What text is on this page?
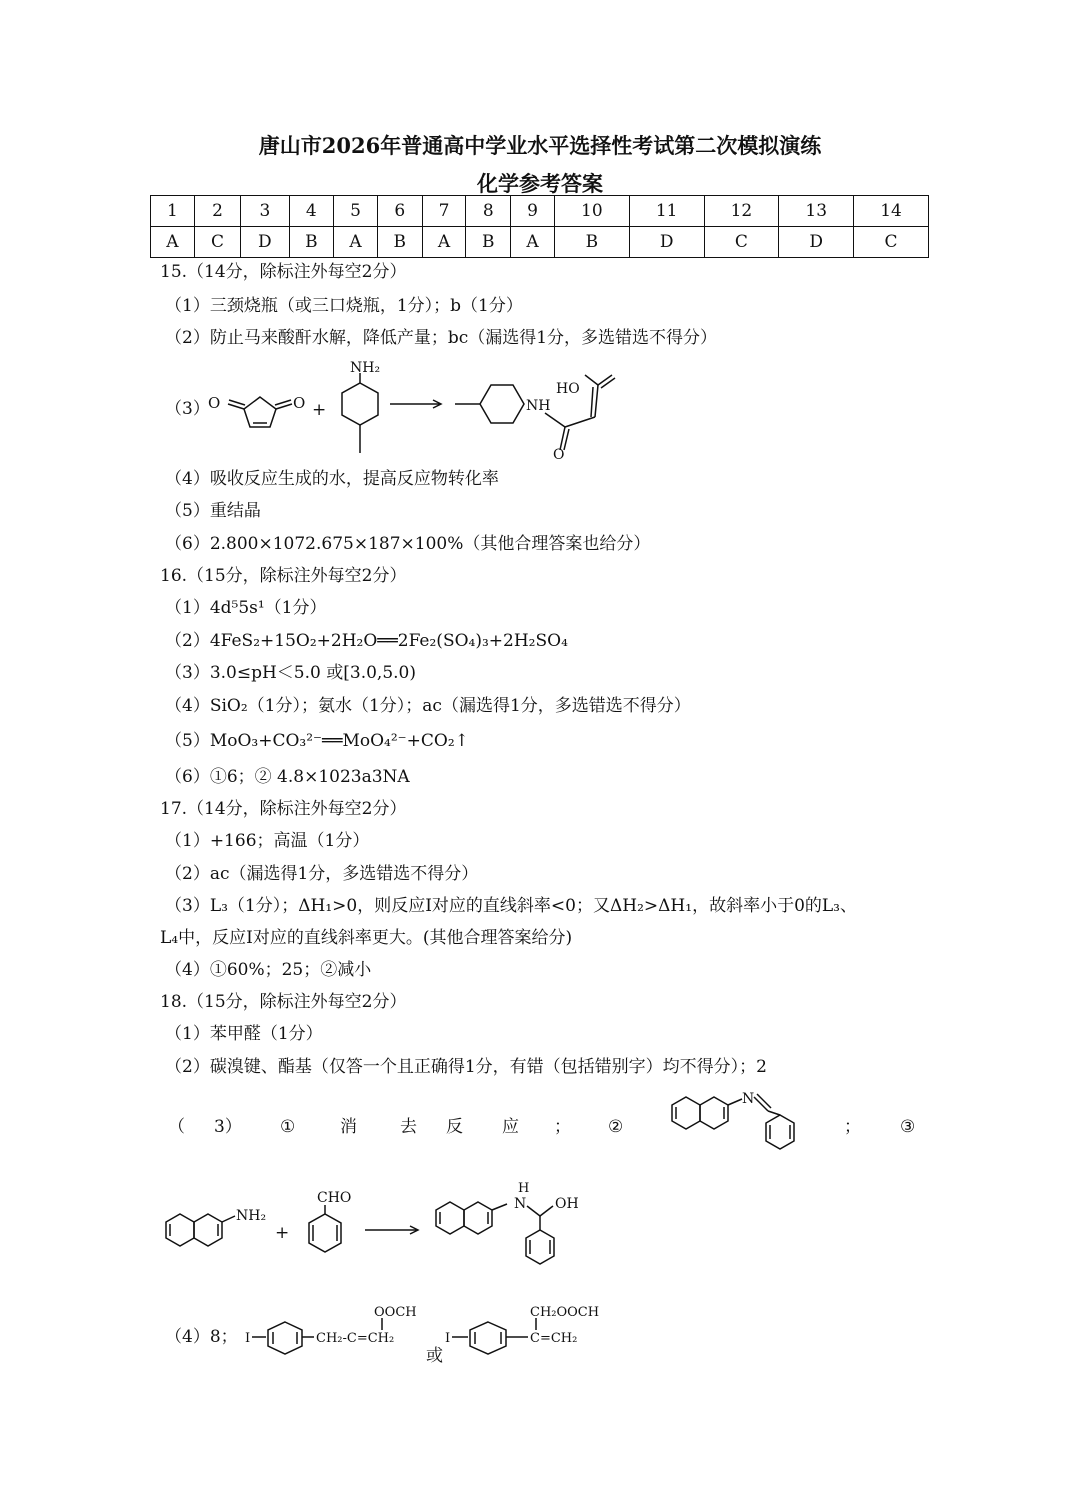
唐山市2026年普通高中学业水平选择性考试第二次模拟演练
化学参考答案
1	2	3	4	5	6	7	8	9	10	11	12	13	14
A	C	D	B	A	B	A	B	A	B	D	C	D	C
15.（14分，除标注外每空2分）
（1）三颈烧瓶（或三口烧瓶，1分）；b（1分）
（2）防止马来酸酐水解，降低产量；bc（漏选得1分，多选错选不得分）
（3）
O	O +
NH₂
NH
HO
O
（4）吸收反应生成的水，提高反应物转化率
（5）重结晶
（6）2.800×1072.675×187×100%（其他合理答案也给分）
16.（15分，除标注外每空2分）
（1）4d⁵5s¹（1分）
（2）4FeS₂+15O₂+2H₂O══2Fe₂(SO₄)₃+2H₂SO₄
（3）3.0≤pH＜5.0 或[3.0,5.0)
（4）SiO₂（1分）；氨水（1分）；ac（漏选得1分，多选错选不得分）
（5）MoO₃+CO₃²⁻══MoO₄²⁻+CO₂↑
（6）①6；② 4.8×1023a3NA
17.（14分，除标注外每空2分）
（1）+166；高温（1分）
（2）ac（漏选得1分，多选错选不得分）
（3）L₃（1分）；ΔH₁>0，则反应Ⅰ对应的直线斜率<0；又ΔH₂>ΔH₁，故斜率小于0的L₃、
L₄中，反应Ⅰ对应的直线斜率更大。(其他合理答案给分)
（4）①60%；25；②减小
18.（15分，除标注外每空2分）
（1）苯甲醛（1分）
（2）碳溴键、酯基（仅答一个且正确得1分，有错（包括错别字）均不得分）；2
（ 3） ①	消	去 反 应 ； ②	； ③
N
NH₂
+
CHO
H
N OH
（4）8； I	CH₂-C=CH₂
OOCH
或
I	C=CH₂
CH₂OOCH
